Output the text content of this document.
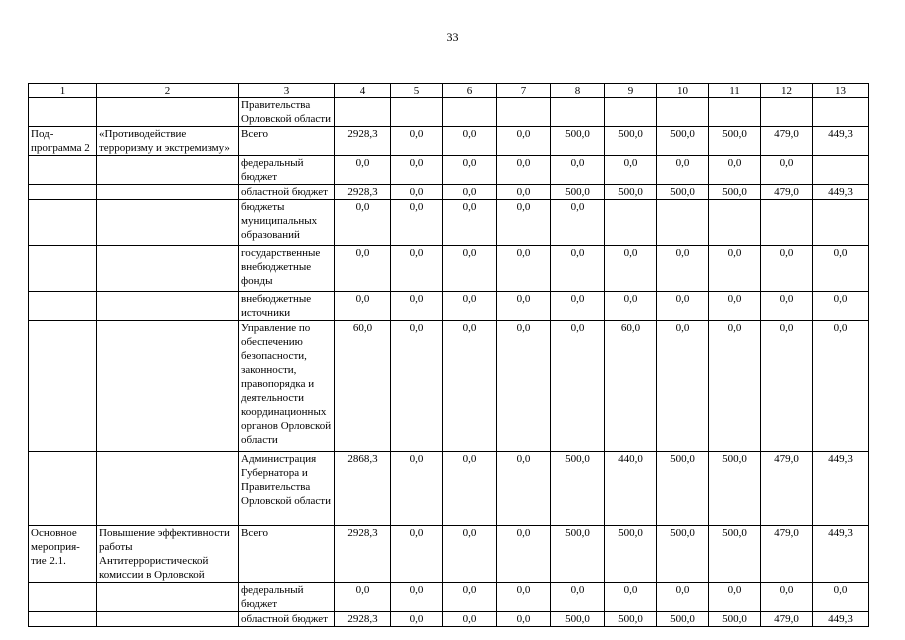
33
1	2	3	4	5	6	7	8	9	10	11	12	13
		Правительства Орловской области										
Под-программа 2	«Противодействие терроризму и экстремизму»	Всего	2928,3	0,0	0,0	0,0	500,0	500,0	500,0	500,0	479,0	449,3
		федеральный бюджет	0,0	0,0	0,0	0,0	0,0	0,0	0,0	0,0	0,0	
		областной бюджет	2928,3	0,0	0,0	0,0	500,0	500,0	500,0	500,0	479,0	449,3
		бюджеты муниципальных образований	0,0	0,0	0,0	0,0	0,0					
		государственные внебюджетные фонды	0,0	0,0	0,0	0,0	0,0	0,0	0,0	0,0	0,0	0,0
		внебюджетные источники	0,0	0,0	0,0	0,0	0,0	0,0	0,0	0,0	0,0	0,0
		Управление по обеспечению безопасности, законности, правопорядка и деятельности координационных органов Орловской области	60,0	0,0	0,0	0,0	0,0	60,0	0,0	0,0	0,0	0,0
		Администрация Губернатора и Правительства Орловской области	2868,3	0,0	0,0	0,0	500,0	440,0	500,0	500,0	479,0	449,3
Основное мероприя-тие 2.1.	Повышение эффективности работы Антитеррористической комиссии в Орловской	Всего	2928,3	0,0	0,0	0,0	500,0	500,0	500,0	500,0	479,0	449,3
		федеральный бюджет	0,0	0,0	0,0	0,0	0,0	0,0	0,0	0,0	0,0	0,0
		областной бюджет	2928,3	0,0	0,0	0,0	500,0	500,0	500,0	500,0	479,0	449,3
